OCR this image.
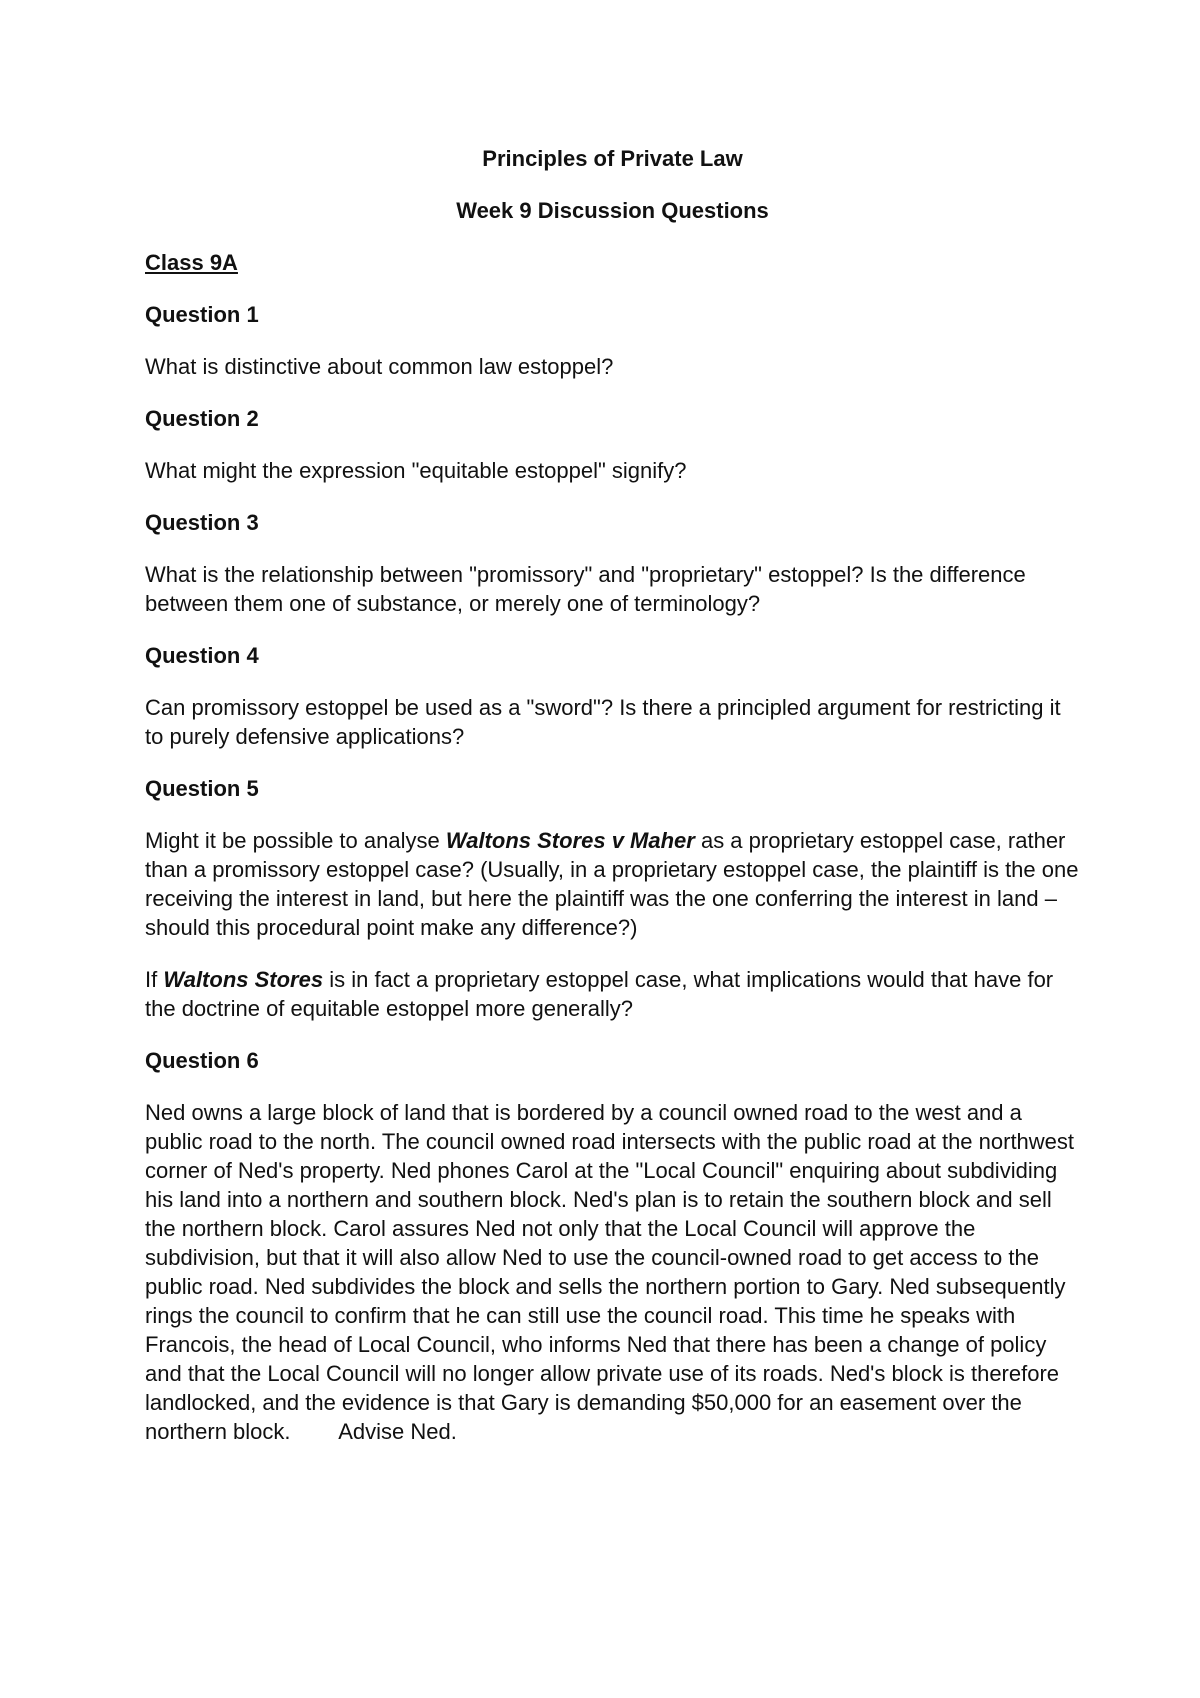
Principles of Private Law
Week 9 Discussion Questions
Class 9A
Question 1
What is distinctive about common law estoppel?
Question 2
What might the expression "equitable estoppel" signify?
Question 3
What is the relationship between "promissory" and "proprietary" estoppel? Is the difference between them one of substance, or merely one of terminology?
Question 4
Can promissory estoppel be used as a "sword"? Is there a principled argument for restricting it to purely defensive applications?
Question 5
Might it be possible to analyse Waltons Stores v Maher as a proprietary estoppel case, rather than a promissory estoppel case? (Usually, in a proprietary estoppel case, the plaintiff is the one receiving the interest in land, but here the plaintiff was the one conferring the interest in land – should this procedural point make any difference?)
If Waltons Stores is in fact a proprietary estoppel case, what implications would that have for the doctrine of equitable estoppel more generally?
Question 6
Ned owns a large block of land that is bordered by a council owned road to the west and a public road to the north. The council owned road intersects with the public road at the northwest corner of Ned's property. Ned phones Carol at the "Local Council" enquiring about subdividing his land into a northern and southern block. Ned's plan is to retain the southern block and sell the northern block. Carol assures Ned not only that the Local Council will approve the subdivision, but that it will also allow Ned to use the council-owned road to get access to the public road. Ned subdivides the block and sells the northern portion to Gary. Ned subsequently rings the council to confirm that he can still use the council road. This time he speaks with Francois, the head of Local Council, who informs Ned that there has been a change of policy and that the Local Council will no longer allow private use of its roads. Ned's block is therefore landlocked, and the evidence is that Gary is demanding $50,000 for an easement over the northern block.        Advise Ned.
